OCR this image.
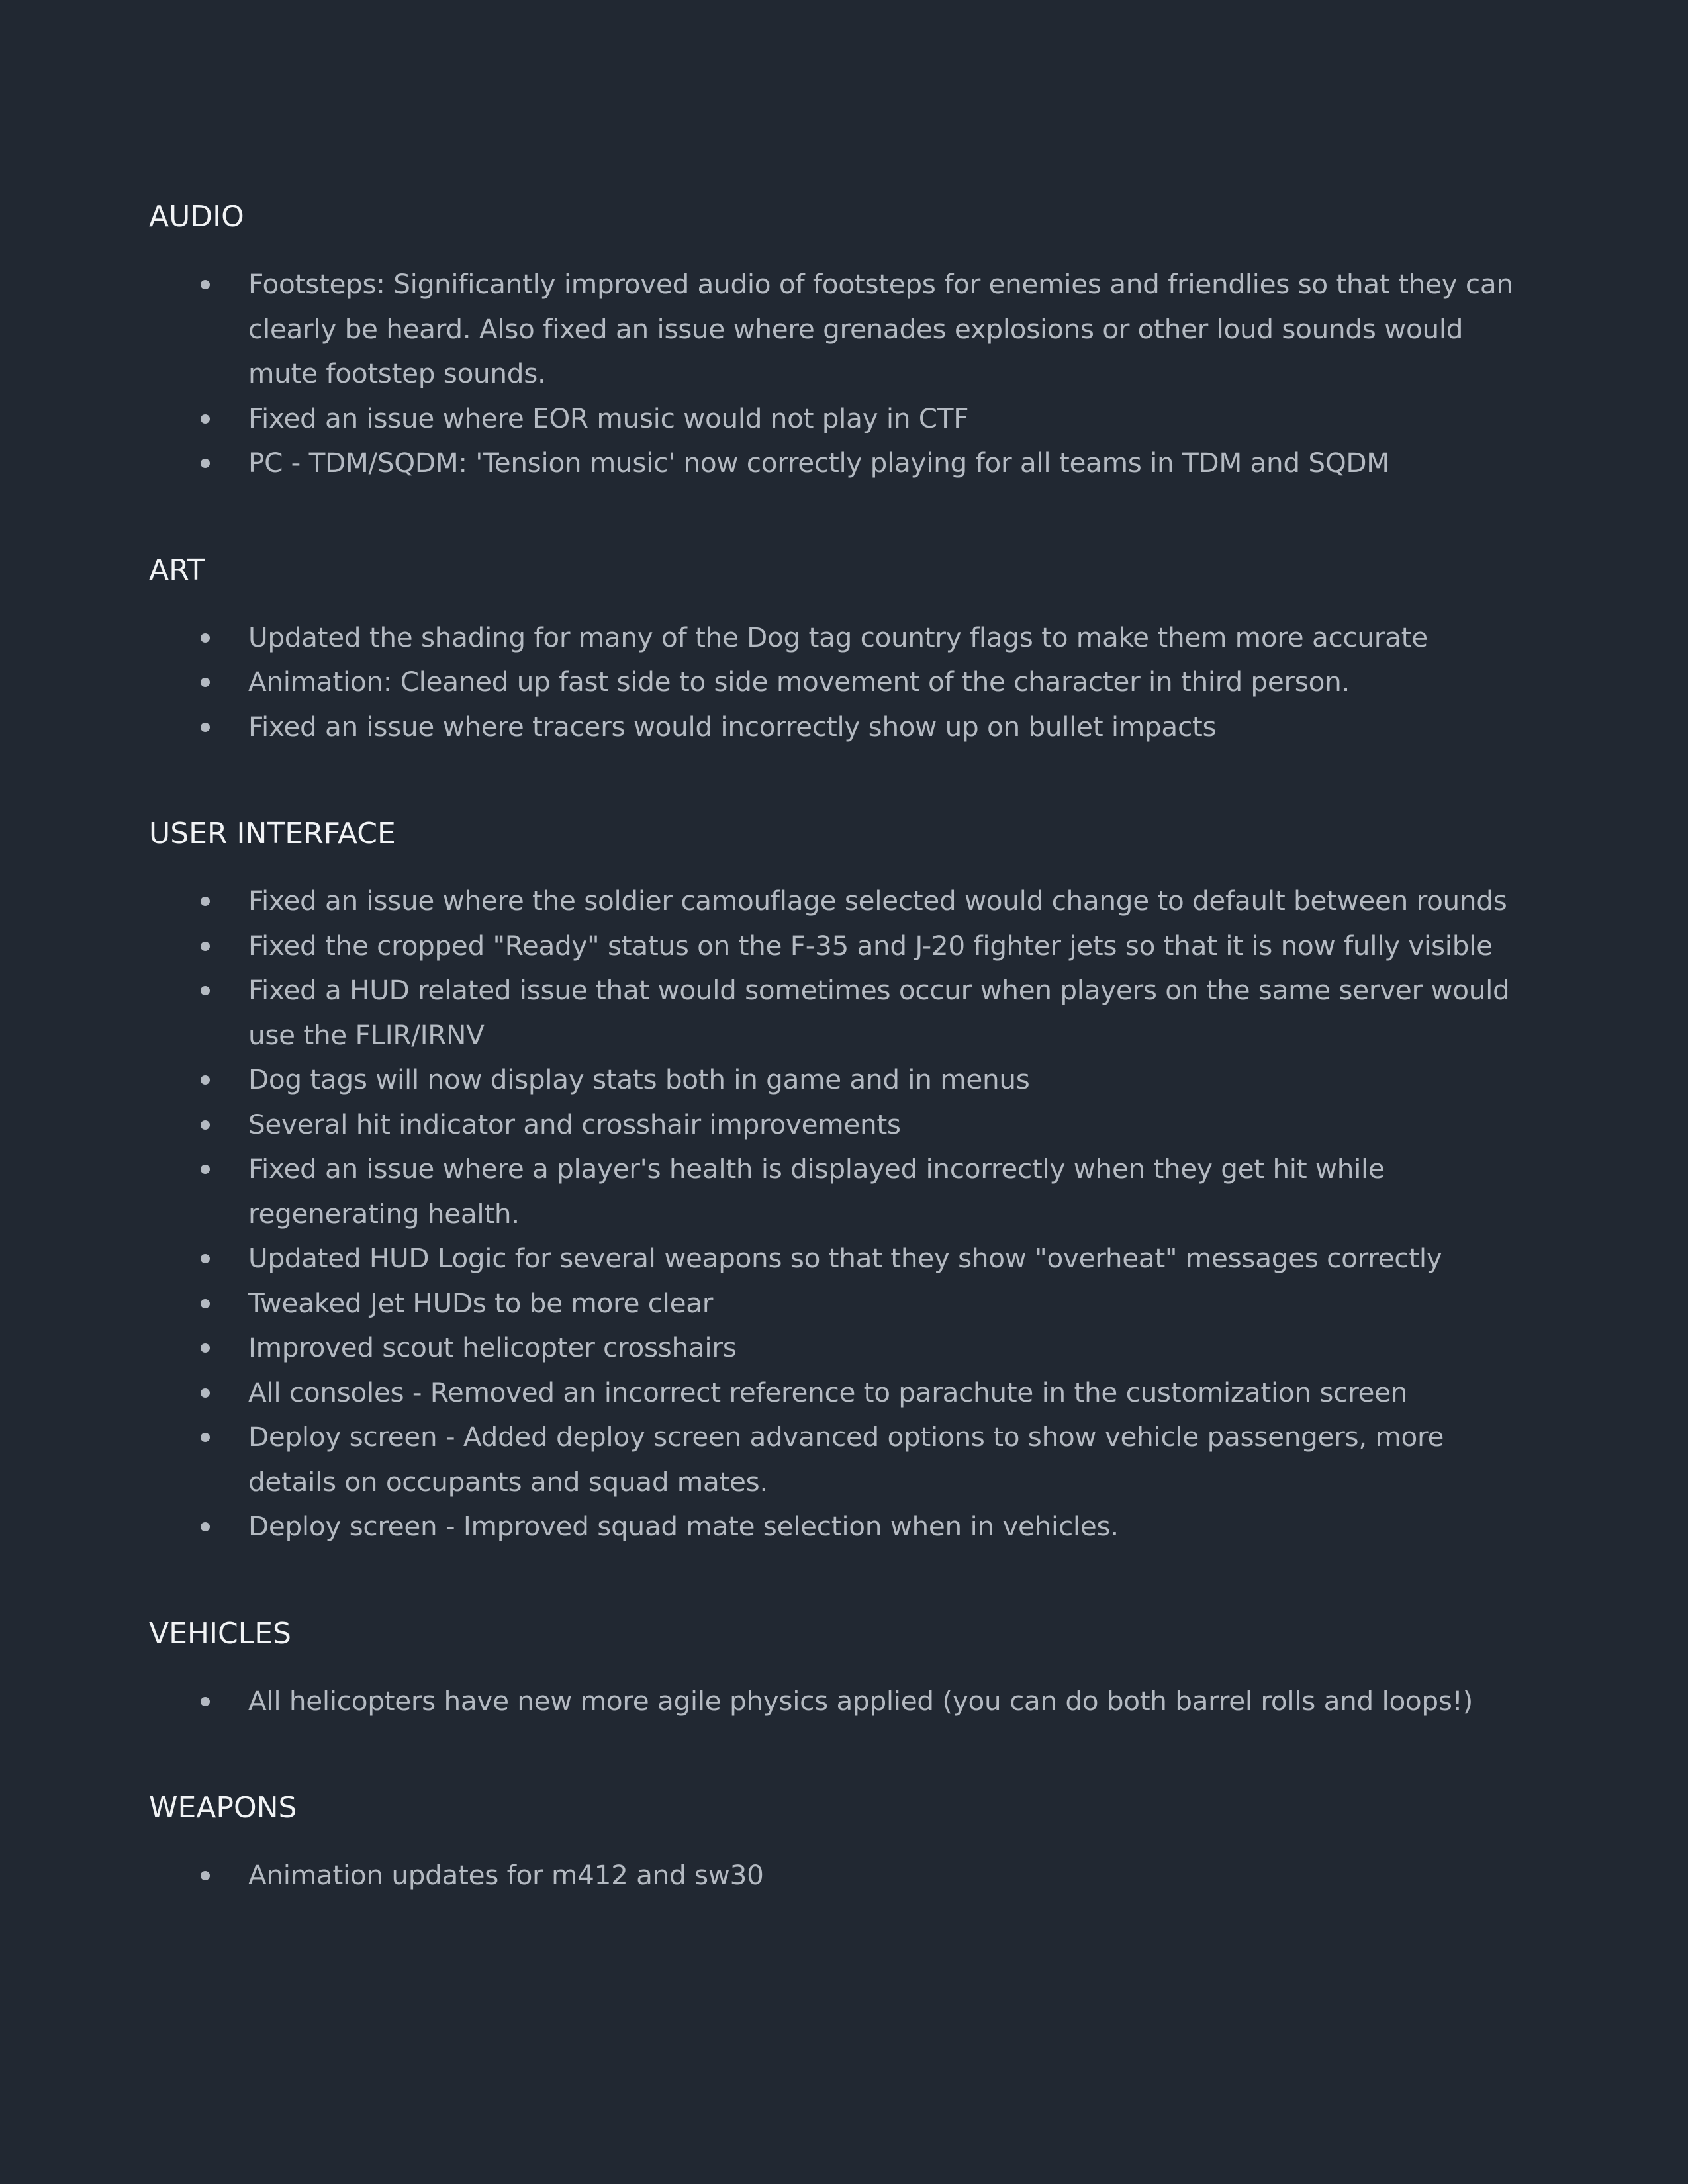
AUDIO
Footsteps: Significantly improved audio of footsteps for enemies and friendlies so that they can clearly be heard. Also fixed an issue where grenades explosions or other loud sounds would mute footstep sounds.
Fixed an issue where EOR music would not play in CTF
PC - TDM/SQDM: 'Tension music' now correctly playing for all teams in TDM and SQDM
ART
Updated the shading for many of the Dog tag country flags to make them more accurate
Animation: Cleaned up fast side to side movement of the character in third person.
Fixed an issue where tracers would incorrectly show up on bullet impacts
USER INTERFACE
Fixed an issue where the soldier camouflage selected would change to default between rounds
Fixed the cropped "Ready" status on the F-35 and J-20 fighter jets so that it is now fully visible
Fixed a HUD related issue that would sometimes occur when players on the same server would use the FLIR/IRNV
Dog tags will now display stats both in game and in menus
Several hit indicator and crosshair improvements
Fixed an issue where a player's health is displayed incorrectly when they get hit while regenerating health.
Updated HUD Logic for several weapons so that they show "overheat" messages correctly
Tweaked Jet HUDs to be more clear
Improved scout helicopter crosshairs
All consoles - Removed an incorrect reference to parachute in the customization screen
Deploy screen - Added deploy screen advanced options to show vehicle passengers, more details on occupants and squad mates.
Deploy screen - Improved squad mate selection when in vehicles.
VEHICLES
All helicopters have new more agile physics applied (you can do both barrel rolls and loops!)
WEAPONS
Animation updates for m412 and sw30
